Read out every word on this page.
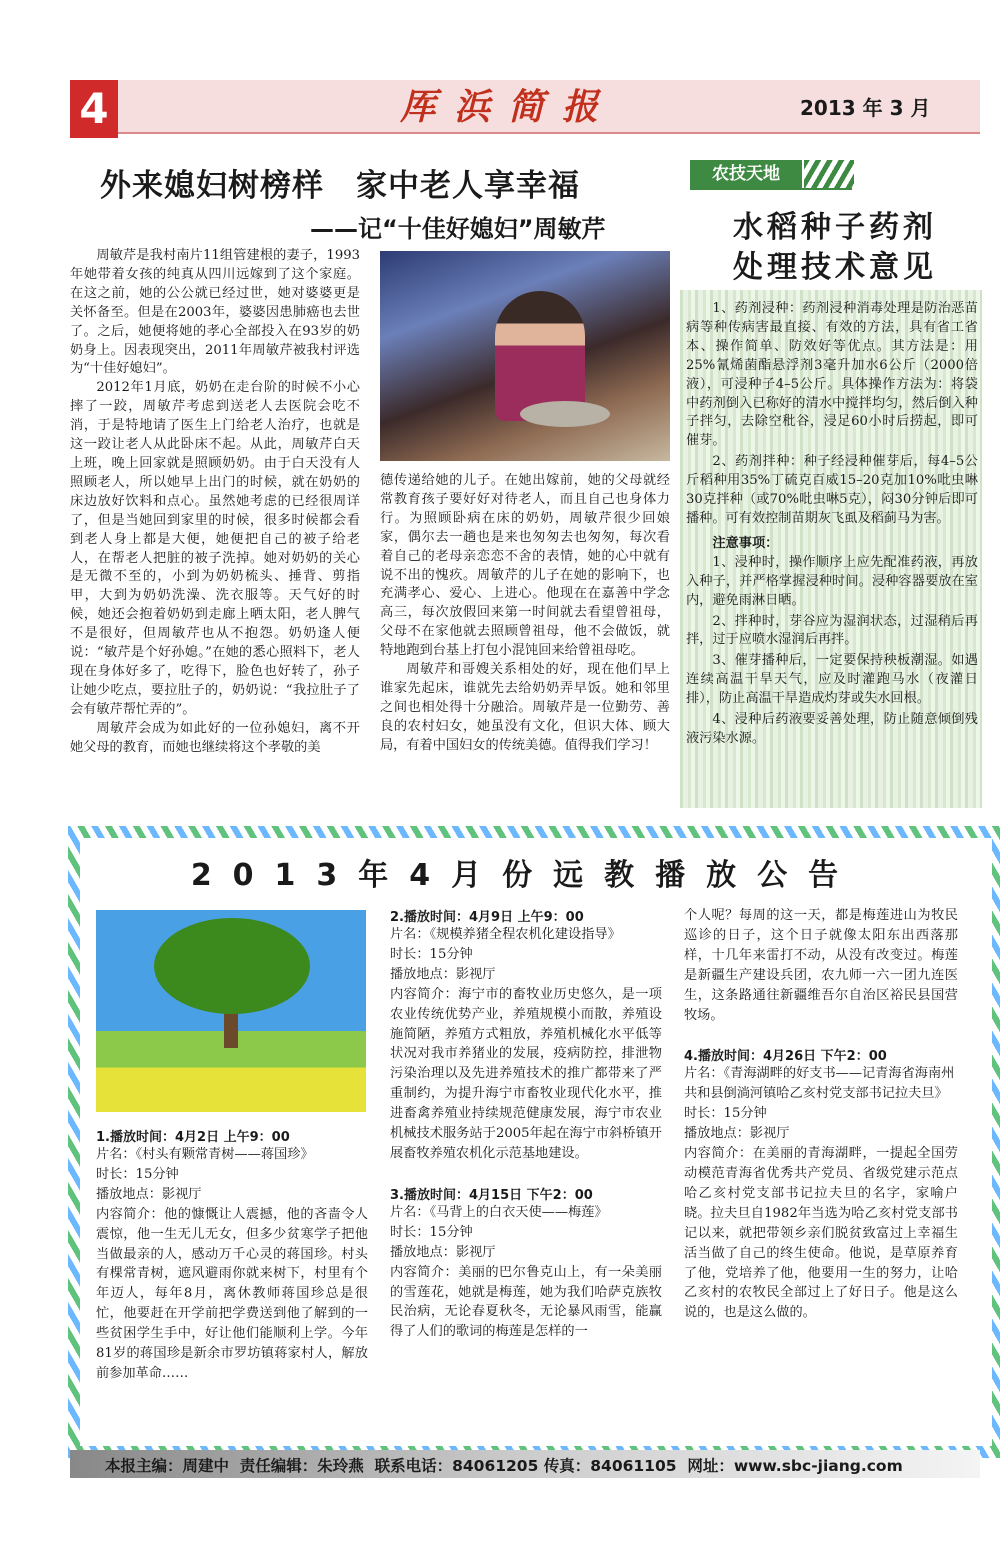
4	厍浜简报	2013 年 3 月
外来媳妇树榜样　家中老人享幸福
——记“十佳好媳妇”周敏芹

周敏芹是我村南片11组管建根的妻子，1993年她带着女孩的纯真从四川远嫁到了这个家庭。在这之前，她的公公就已经过世，她对婆婆更是关怀备至。但是在2003年，婆婆因患肺癌也去世了。之后，她便将她的孝心全部投入在93岁的奶奶身上。因表现突出，2011年周敏芹被我村评选为“十佳好媳妇”。

2012年1月底，奶奶在走台阶的时候不小心摔了一跤，周敏芹考虑到送老人去医院会吃不消，于是特地请了医生上门给老人治疗，也就是这一跤让老人从此卧床不起。从此，周敏芹白天上班，晚上回家就是照顾奶奶。由于白天没有人照顾老人，所以她早上出门的时候，就在奶奶的床边放好饮料和点心。虽然她考虑的已经很周详了，但是当她回到家里的时候，很多时候都会看到老人身上都是大便，她便把自己的被子给老人，在帮老人把脏的被子洗掉。她对奶奶的关心是无微不至的，小到为奶奶梳头、捶背、剪指甲，大到为奶奶洗澡、洗衣服等。天气好的时候，她还会抱着奶奶到走廊上晒太阳，老人脾气不是很好，但周敏芹也从不抱怨。奶奶逢人便说：“敏芹是个好孙媳。”在她的悉心照料下，老人现在身体好多了，吃得下，脸色也好转了，孙子让她少吃点，要拉肚子的，奶奶说：“我拉肚子了会有敏芹帮忙弄的”。

周敏芹会成为如此好的一位孙媳妇，离不开她父母的教育，而她也继续将这个孝敬的美

德传递给她的儿子。在她出嫁前，她的父母就经常教育孩子要好好对待老人，而且自己也身体力行。为照顾卧病在床的奶奶，周敏芹很少回娘家，偶尔去一趟也是来也匆匆去也匆匆，每次看着自己的老母亲恋恋不舍的表情，她的心中就有说不出的愧疚。周敏芹的儿子在她的影响下，也充满孝心、爱心、上进心。他现在在嘉善中学念高三，每次放假回来第一时间就去看望曾祖母，父母不在家他就去照顾曾祖母，他不会做饭，就特地跑到台基上打包小混饨回来给曾祖母吃。

周敏芹和哥嫂关系相处的好，现在他们早上谁家先起床，谁就先去给奶奶弄早饭。她和邻里之间也相处得十分融洽。周敏芹是一位勤劳、善良的农村妇女，她虽没有文化，但识大体、顾大局，有着中国妇女的传统美德。值得我们学习！

农技天地
水稻种子药剂
处理技术意见

1、药剂浸种：药剂浸种消毒处理是防治恶苗病等种传病害最直接、有效的方法，具有省工省本、操作简单、防效好等优点。其方法是：用25%氰烯菌酯悬浮剂3毫升加水6公斤（2000倍液），可浸种子4–5公斤。具体操作方法为：将袋中药剂倒入已称好的清水中搅拌均匀，然后倒入种子拌匀，去除空秕谷，浸足60小时后捞起，即可催芽。

2、药剂拌种：种子经浸种催芽后，每4–5公斤稻种用35%丁硫克百威15–20克加10%吡虫啉30克拌种（或70%吡虫啉5克），闷30分钟后即可播种。可有效控制苗期灰飞虱及稻蓟马为害。

注意事项：

1、浸种时，操作顺序上应先配准药液，再放入种子，并严格掌握浸种时间。浸种容器要放在室内，避免雨淋日晒。

2、拌种时，芽谷应为湿润状态，过湿稍后再拌，过于应喷水湿润后再拌。

3、催芽播种后，一定要保持秧板潮湿。如遇连续高温干旱天气，应及时灌跑马水（夜灌日排），防止高温干旱造成灼芽或失水回根。

4、浸种后药液要妥善处理，防止随意倾倒残液污染水源。

2013年4月份远教播放公告
1.播放时间：4月2日 上午9：00
片名：《村头有颗常青树——蒋国珍》
时长：15分钟
播放地点：影视厅
内容简介：他的慷慨让人震撼，他的吝啬令人震惊，他一生无儿无女，但多少贫寒学子把他当做最亲的人，感动万千心灵的蒋国珍。村头有棵常青树，遮风避雨你就来树下，村里有个年迈人，每年8月，离休教师蒋国珍总是很忙，他要赶在开学前把学费送到他了解到的一些贫困学生手中，好让他们能顺利上学。今年81岁的蒋国珍是新余市罗坊镇蒋家村人，解放前参加革命……
2.播放时间：4月9日 上午9：00
片名：《规模养猪全程农机化建设指导》
时长：15分钟
播放地点：影视厅
内容简介：海宁市的畜牧业历史悠久，是一项农业传统优势产业，养殖规模小而散，养殖设施简陋，养殖方式粗放，养殖机械化水平低等状况对我市养猪业的发展，疫病防控，排泄物污染治理以及先进养殖技术的推广都带来了严重制约，为提升海宁市畜牧业现代化水平，推进畜禽养殖业持续规范健康发展，海宁市农业机械技术服务站于2005年起在海宁市斜桥镇开展畜牧养殖农机化示范基地建设。
3.播放时间：4月15日 下午2：00
片名：《马背上的白衣天使——梅莲》
时长：15分钟
播放地点：影视厅
内容简介：美丽的巴尔鲁克山上，有一朵美丽的雪莲花，她就是梅莲，她为我们哈萨克族牧民治病，无论春夏秋冬，无论暴风雨雪，能赢得了人们的歌词的梅莲是怎样的一
个人呢？每周的这一天，都是梅莲进山为牧民巡诊的日子，这个日子就像太阳东出西落那样，十几年来雷打不动，从没有改变过。梅莲是新疆生产建设兵团，农九师一六一团九连医生，这条路通往新疆维吾尔自治区裕民县国营牧场。
4.播放时间：4月26日 下午2：00
片名：《青海湖畔的好支书——记青海省海南州共和县倒淌河镇哈乙亥村党支部书记拉夫旦》
时长：15分钟
播放地点：影视厅
内容简介：在美丽的青海湖畔，一提起全国劳动模范青海省优秀共产党员、省级党建示范点哈乙亥村党支部书记拉夫旦的名字，家喻户晓。拉夫旦自1982年当选为哈乙亥村党支部书记以来，就把带领乡亲们脱贫致富过上幸福生活当做了自己的终生使命。他说，是草原养育了他，党培养了他，他要用一生的努力，让哈乙亥村的农牧民全部过上了好日子。他是这么说的，也是这么做的。
本报主编：周建中  责任编辑：朱玲燕  联系电话：84061205 传真：84061105  网址：www.sbc-jiang.com
